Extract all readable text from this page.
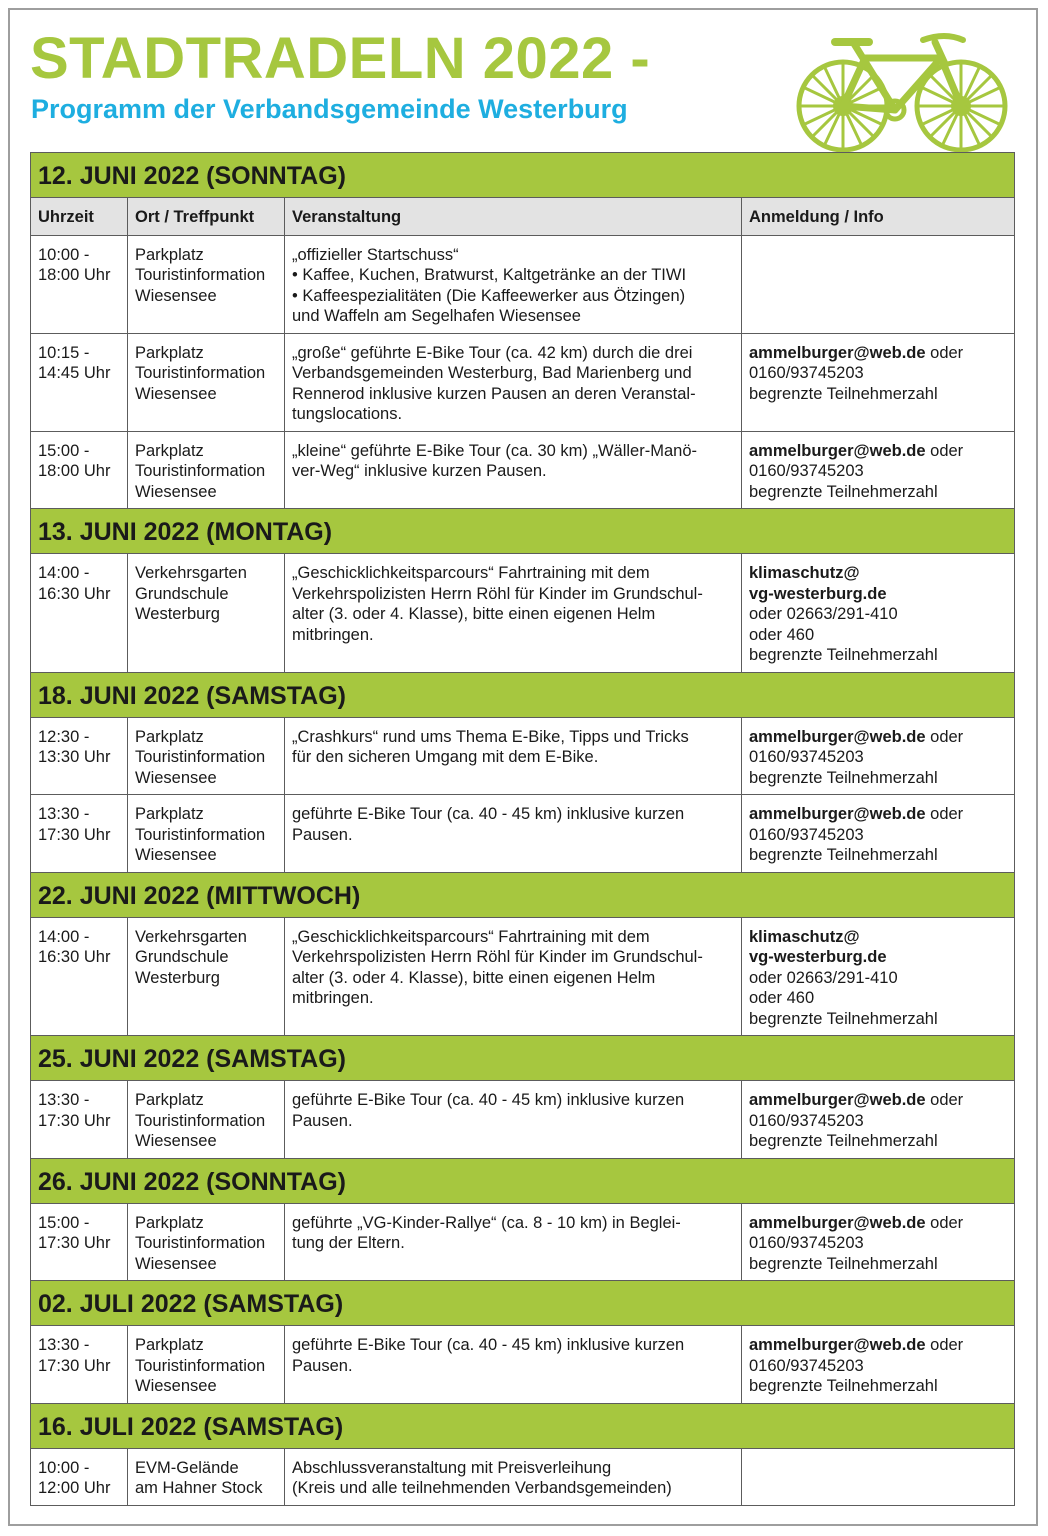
STADTRADELN 2022 -
Programm der Verbandsgemeinde Westerburg
12. JUNI 2022 (SONNTAG)			
Uhrzeit	Ort / Treffpunkt	Veranstaltung	Anmeldung / Info

10:00 -
18:00 Uhr	Parkplatz
Touristinformation
Wiesensee	„offizieller Startschuss“
• Kaffee, Kuchen, Bratwurst, Kaltgetränke an der TIWI
• Kaffeespezialitäten (Die Kaffeewerker aus Ötzingen)
und Waffeln am Segelhafen Wiesensee	

10:15 -
14:45 Uhr	Parkplatz
Touristinformation
Wiesensee	„große“ geführte E-Bike Tour (ca. 42 km) durch die drei
Verbandsgemeinden Westerburg, Bad Marienberg und
Rennerod inklusive kurzen Pausen an deren Veranstal-
tungslocations.	ammelburger@web.de oder
0160/93745203
begrenzte Teilnehmerzahl

15:00 -
18:00 Uhr	Parkplatz
Touristinformation
Wiesensee	„kleine“ geführte E-Bike Tour (ca. 30 km) „Wäller-Manö-
ver-Weg“ inklusive kurzen Pausen.	ammelburger@web.de oder
0160/93745203
begrenzte Teilnehmerzahl

13. JUNI 2022 (MONTAG)			

14:00 -
16:30 Uhr	Verkehrsgarten
Grundschule
Westerburg	„Geschicklichkeitsparcours“ Fahrtraining mit dem
Verkehrspolizisten Herrn Röhl für Kinder im Grundschul-
alter (3. oder 4. Klasse), bitte einen eigenen Helm
mitbringen.	klimaschutz@
vg-westerburg.de
oder 02663/291-410
oder 460
begrenzte Teilnehmerzahl

18. JUNI 2022 (SAMSTAG)			

12:30 -
13:30 Uhr	Parkplatz
Touristinformation
Wiesensee	„Crashkurs“ rund ums Thema E-Bike, Tipps und Tricks
für den sicheren Umgang mit dem E-Bike.	ammelburger@web.de oder
0160/93745203
begrenzte Teilnehmerzahl

13:30 -
17:30 Uhr	Parkplatz
Touristinformation
Wiesensee	geführte E-Bike Tour (ca. 40 - 45 km) inklusive kurzen
Pausen.	ammelburger@web.de oder
0160/93745203
begrenzte Teilnehmerzahl

22. JUNI 2022 (MITTWOCH)			

14:00 -
16:30 Uhr	Verkehrsgarten
Grundschule
Westerburg	„Geschicklichkeitsparcours“ Fahrtraining mit dem
Verkehrspolizisten Herrn Röhl für Kinder im Grundschul-
alter (3. oder 4. Klasse), bitte einen eigenen Helm
mitbringen.	klimaschutz@
vg-westerburg.de
oder 02663/291-410
oder 460
begrenzte Teilnehmerzahl

25. JUNI 2022 (SAMSTAG)			

13:30 -
17:30 Uhr	Parkplatz
Touristinformation
Wiesensee	geführte E-Bike Tour (ca. 40 - 45 km) inklusive kurzen
Pausen.	ammelburger@web.de oder
0160/93745203
begrenzte Teilnehmerzahl

26. JUNI 2022 (SONNTAG)			

15:00 -
17:30 Uhr	Parkplatz
Touristinformation
Wiesensee	geführte „VG-Kinder-Rallye“ (ca. 8 - 10 km) in Beglei-
tung der Eltern.	ammelburger@web.de oder
0160/93745203
begrenzte Teilnehmerzahl

02. JULI 2022 (SAMSTAG)			

13:30 -
17:30 Uhr	Parkplatz
Touristinformation
Wiesensee	geführte E-Bike Tour (ca. 40 - 45 km) inklusive kurzen
Pausen.	ammelburger@web.de oder
0160/93745203
begrenzte Teilnehmerzahl

16. JULI 2022 (SAMSTAG)			

10:00 -
12:00 Uhr	EVM-Gelände
am Hahner Stock	Abschlussveranstaltung mit Preisverleihung
(Kreis und alle teilnehmenden Verbandsgemeinden)	
